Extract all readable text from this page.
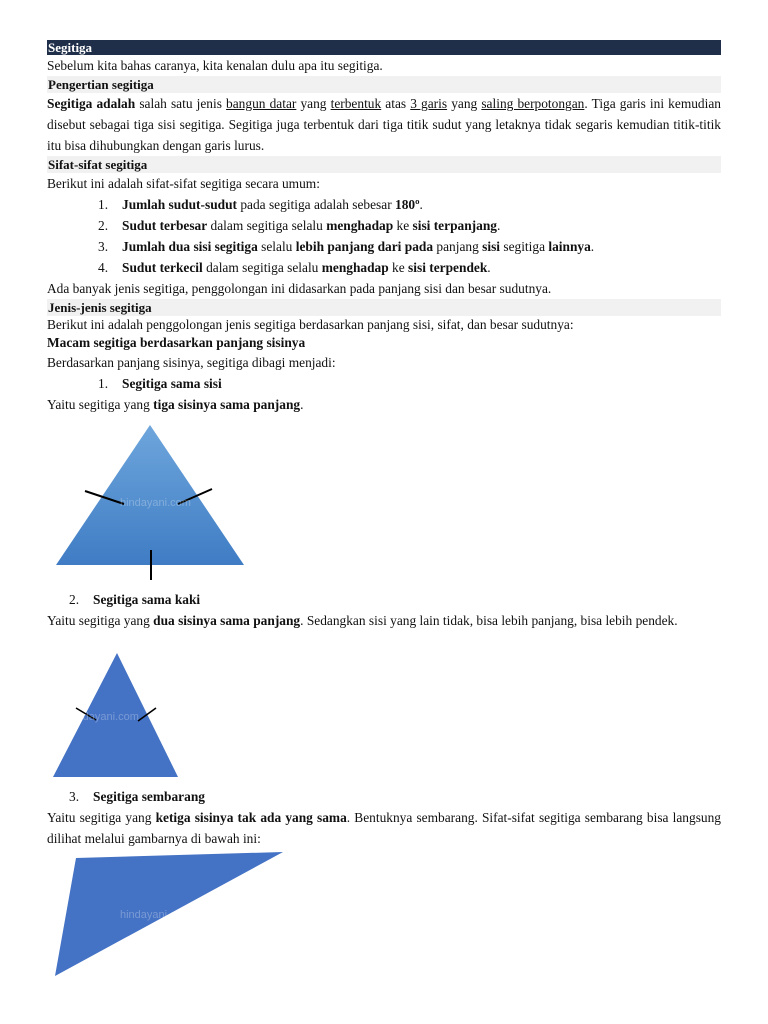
Segitiga

Sebelum kita bahas caranya, kita kenalan dulu apa itu segitiga.

Pengertian segitiga

Segitiga adalah salah satu jenis bangun datar yang terbentuk atas 3 garis yang saling berpotongan. Tiga garis ini kemudian disebut sebagai tiga sisi segitiga. Segitiga juga terbentuk dari tiga titik sudut yang letaknya tidak segaris kemudian titik-titik itu bisa dihubungkan dengan garis lurus.

Sifat-sifat segitiga

Berikut ini adalah sifat-sifat segitiga secara umum:

1. Jumlah sudut-sudut pada segitiga adalah sebesar 180º.
2. Sudut terbesar dalam segitiga selalu menghadap ke sisi terpanjang.
3. Jumlah dua sisi segitiga selalu lebih panjang dari pada panjang sisi segitiga lainnya.
4. Sudut terkecil dalam segitiga selalu menghadap ke sisi terpendek.

Ada banyak jenis segitiga, penggolongan ini didasarkan pada panjang sisi dan besar sudutnya.

Jenis-jenis segitiga

Berikut ini adalah penggolongan jenis segitiga berdasarkan panjang sisi, sifat, dan besar sudutnya:

Macam segitiga berdasarkan panjang sisinya

Berdasarkan panjang sisinya, segitiga dibagi menjadi:

1. Segitiga sama sisi

Yaitu segitiga yang tiga sisinya sama panjang.

hindayani.com
2. Segitiga sama kaki

Yaitu segitiga yang dua sisinya sama panjang. Sedangkan sisi yang lain tidak, bisa lebih panjang, bisa lebih pendek.

hindayani.com
3. Segitiga sembarang

Yaitu segitiga yang ketiga sisinya tak ada yang sama. Bentuknya sembarang. Sifat-sifat segitiga sembarang bisa langsung dilihat melalui gambarnya di bawah ini:

hindayani.com
